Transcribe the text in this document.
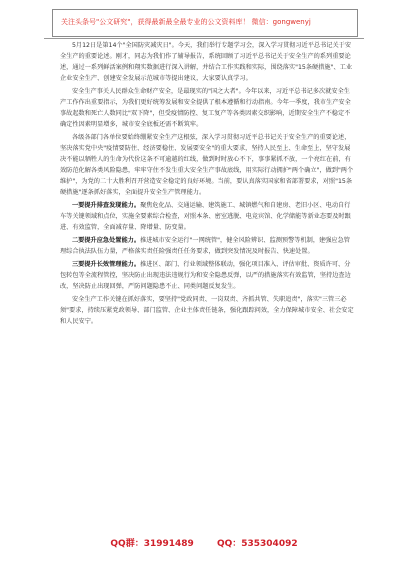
关注头条号"公文研究"，获得最新最全最专业的公文资料库！ 微信：gongwenyj

5月12日是第14个"全国防灾减灾日"。今天，我们举行专题学习会，深入学习贯彻习近平总书记关于安全生产的重要论述。刚才，同志为我们作了辅导报告，系统回顾了习近平总书记关于安全生产的系列重要论述，通过一系列鲜活案例和翔实数据进行深入讲解，并结合工作实践和实际，围绕落实"15条硬措施"、工业企业安全生产、创建安全发展示范城市等提出建议，大家要认真学习。

安全生产事关人民群众生命财产安全，是最现实的"国之大者"。今年以来，习近平总书记多次就安全生产工作作出重要指示，为我们更好统筹发展和安全提供了根本遵循和行动指南。今年一季度，我市生产安全事故起数和死亡人数同比"双下降"，但受疫情防控、复工复产等各类因素交织影响，近期安全生产不稳定不确定性因素明显增多，城市安全底板还需不断筑牢。

各级各部门各单位要始终绷紧安全生产这根弦，深入学习贯彻习近平总书记关于安全生产的重要论述，坚决落实党中央"疫情要防住、经济要稳住、发展要安全"的重大要求，坚持人民至上、生命至上，坚守发展决不能以牺牲人的生命为代价这条不可逾越的红线，做到时时放心不下，事事紧抓不放，一个亮红在前，有效防范化解各类风险隐患，牢牢守住不发生重大安全生产事故底线，用实际行动拥护"两个确立"，做到"两个维护"，为党的二十大胜利召开营造安全稳定的良好环境。当前，要认真落实国家和省部署要求，对照"15条硬措施"逐条抓好落实，全面提升安全生产管理能力。

一要提升排查发现能力。聚焦危化品、交通运输、建筑施工、城镇燃气和自建房、老旧小区、电动自行车等关键领域和点位，实施全要素综合检查，对照本条、密室逃脱、电竞宾馆、化学储能等新业态要及时跟进、有效监管，全面减存量、降增量、防变量。

二要提升应急处置能力。推进城市安全运行"一网统管"，健全风险辨识、监测预警等机制，建强应急管理综合执法队伍力量，严格落实责任险强责任任务要求，做到突发情况及时报告、快速处置。

三要提升长效管理能力。推进区、部门、行业领域整体联动，强化项目准入、评估审批、资质许可、分包转包等全流程管控，坚决防止出现违法违规行为和安全隐患反弹，以严的措施落实有效监管，坚持边查边改，坚决防止出现回弹，严防问题隐患不止、同类问题反复发生。

安全生产工作关键在抓好落实，要坚持"党政同责、一岗双责、齐抓共管、失职追责"，落实"三管三必须"要求，持续压紧党政领导、部门监管、企业主体责任链条，强化跟踪问效，全力保障城市安全、社会安定和人民安宁。

QQ群：31991489	QQ：535304092
